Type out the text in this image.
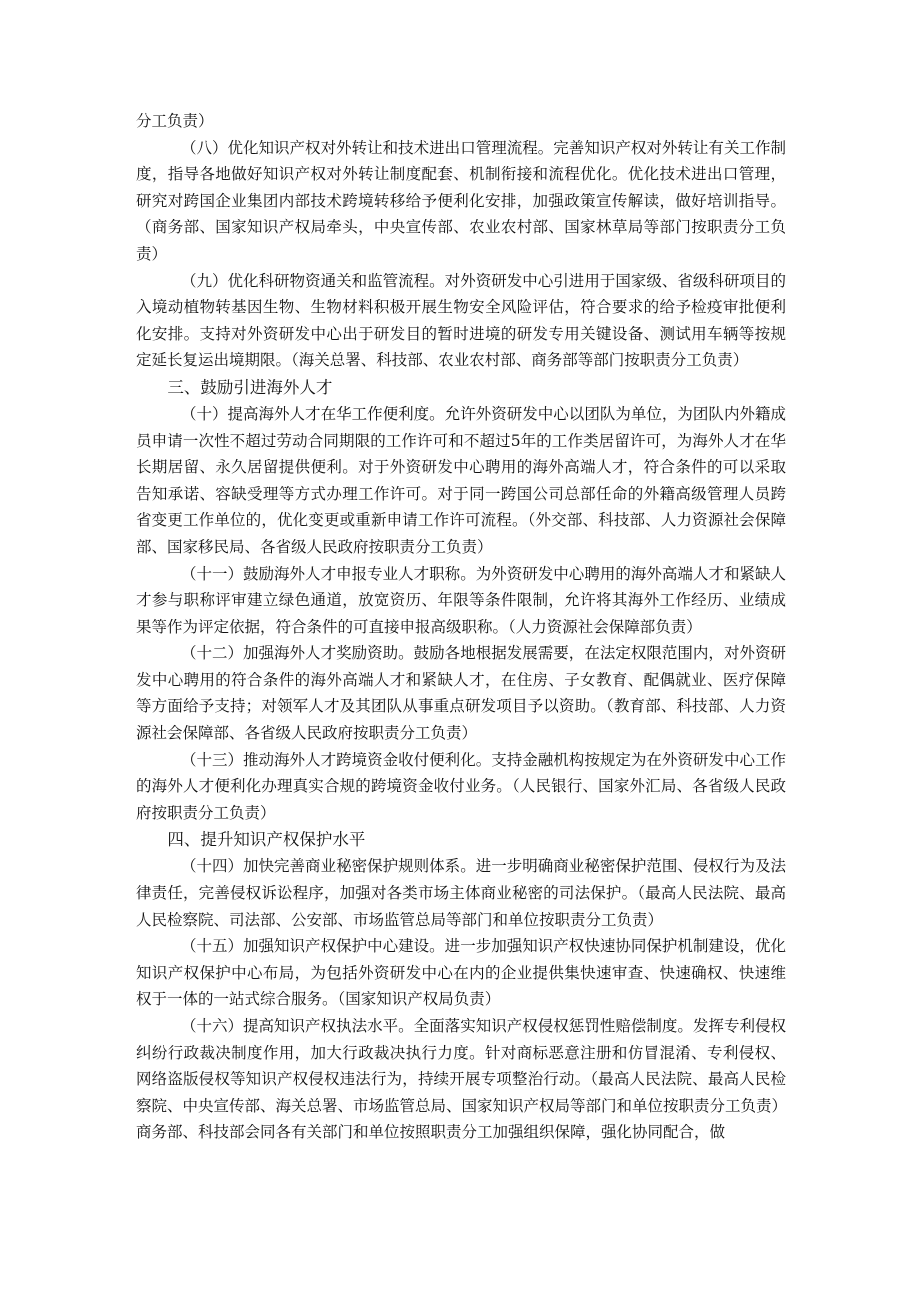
分工负责）

（八）优化知识产权对外转让和技术进出口管理流程。完善知识产权对外转让有关工作制度，指导各地做好知识产权对外转让制度配套、机制衔接和流程优化。优化技术进出口管理，研究对跨国企业集团内部技术跨境转移给予便利化安排，加强政策宣传解读，做好培训指导。（商务部、国家知识产权局牵头，中央宣传部、农业农村部、国家林草局等部门按职责分工负责）

（九）优化科研物资通关和监管流程。对外资研发中心引进用于国家级、省级科研项目的入境动植物转基因生物、生物材料积极开展生物安全风险评估，符合要求的给予检疫审批便利化安排。支持对外资研发中心出于研发目的暂时进境的研发专用关键设备、测试用车辆等按规定延长复运出境期限。（海关总署、科技部、农业农村部、商务部等部门按职责分工负责）

三、鼓励引进海外人才

（十）提高海外人才在华工作便利度。允许外资研发中心以团队为单位，为团队内外籍成员申请一次性不超过劳动合同期限的工作许可和不超过5年的工作类居留许可，为海外人才在华长期居留、永久居留提供便利。对于外资研发中心聘用的海外高端人才，符合条件的可以采取告知承诺、容缺受理等方式办理工作许可。对于同一跨国公司总部任命的外籍高级管理人员跨省变更工作单位的，优化变更或重新申请工作许可流程。（外交部、科技部、人力资源社会保障部、国家移民局、各省级人民政府按职责分工负责）

（十一）鼓励海外人才申报专业人才职称。为外资研发中心聘用的海外高端人才和紧缺人才参与职称评审建立绿色通道，放宽资历、年限等条件限制，允许将其海外工作经历、业绩成果等作为评定依据，符合条件的可直接申报高级职称。（人力资源社会保障部负责）

（十二）加强海外人才奖励资助。鼓励各地根据发展需要，在法定权限范围内，对外资研发中心聘用的符合条件的海外高端人才和紧缺人才，在住房、子女教育、配偶就业、医疗保障等方面给予支持；对领军人才及其团队从事重点研发项目予以资助。（教育部、科技部、人力资源社会保障部、各省级人民政府按职责分工负责）

（十三）推动海外人才跨境资金收付便利化。支持金融机构按规定为在外资研发中心工作的海外人才便利化办理真实合规的跨境资金收付业务。（人民银行、国家外汇局、各省级人民政府按职责分工负责）

四、提升知识产权保护水平

（十四）加快完善商业秘密保护规则体系。进一步明确商业秘密保护范围、侵权行为及法律责任，完善侵权诉讼程序，加强对各类市场主体商业秘密的司法保护。（最高人民法院、最高人民检察院、司法部、公安部、市场监管总局等部门和单位按职责分工负责）

（十五）加强知识产权保护中心建设。进一步加强知识产权快速协同保护机制建设，优化知识产权保护中心布局，为包括外资研发中心在内的企业提供集快速审查、快速确权、快速维权于一体的一站式综合服务。（国家知识产权局负责）

（十六）提高知识产权执法水平。全面落实知识产权侵权惩罚性赔偿制度。发挥专利侵权纠纷行政裁决制度作用，加大行政裁决执行力度。针对商标恶意注册和仿冒混淆、专利侵权、网络盗版侵权等知识产权侵权违法行为，持续开展专项整治行动。（最高人民法院、最高人民检察院、中央宣传部、海关总署、市场监管总局、国家知识产权局等部门和单位按职责分工负责）

商务部、科技部会同各有关部门和单位按照职责分工加强组织保障，强化协同配合，做
